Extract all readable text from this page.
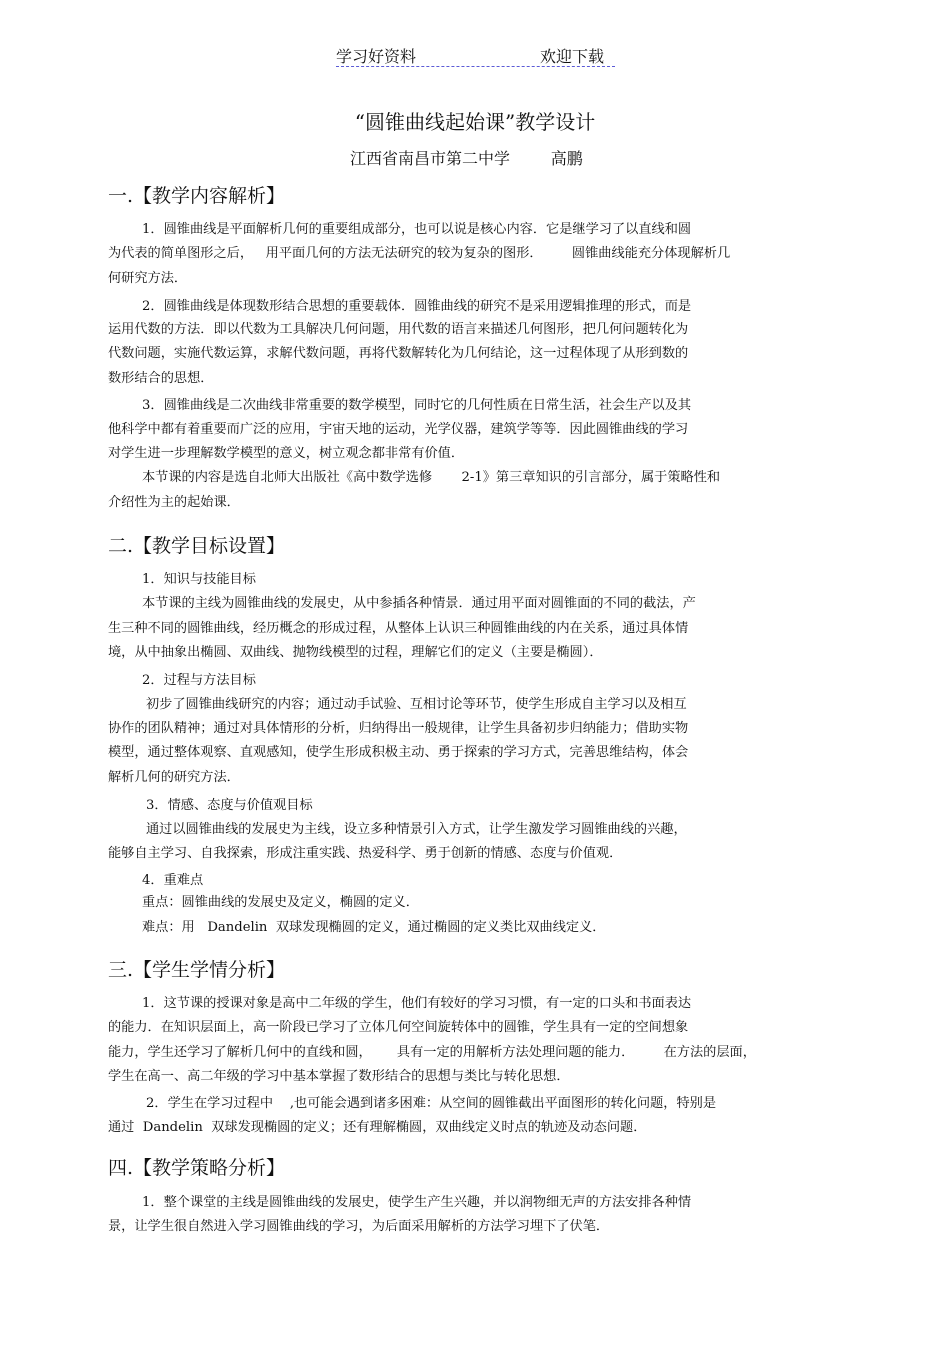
学习好资料	欢迎下载
“圆锥曲线起始课”教学设计
江西省南昌市第二中学        高鹏
一.【教学内容解析】
二.【教学目标设置】
三.【学生学情分析】
四.【教学策略分析】
1．圆锥曲线是平面解析几何的重要组成部分，也可以说是核心内容．它是继学习了以直线和圆
为代表的简单图形之后，   用平面几何的方法无法研究的较为复杂的图形．       圆锥曲线能充分体现解析几
何研究方法．
2．圆锥曲线是体现数形结合思想的重要载体．圆锥曲线的研究不是采用逻辑推理的形式，而是
运用代数的方法．即以代数为工具解决几何问题，用代数的语言来描述几何图形，把几何问题转化为
代数问题，实施代数运算，求解代数问题，再将代数解转化为几何结论，这一过程体现了从形到数的
数形结合的思想．
3．圆锥曲线是二次曲线非常重要的数学模型，同时它的几何性质在日常生活，社会生产以及其
他科学中都有着重要而广泛的应用，宇宙天地的运动，光学仪器，建筑学等等．因此圆锥曲线的学习
对学生进一步理解数学模型的意义，树立观念都非常有价值．
本节课的内容是选自北师大出版社《高中数学选修       2-1》第三章知识的引言部分，属于策略性和
介绍性为主的起始课．
1．知识与技能目标
本节课的主线为圆锥曲线的发展史，从中参插各种情景．通过用平面对圆锥面的不同的截法，产
生三种不同的圆锥曲线，经历概念的形成过程，从整体上认识三种圆锥曲线的内在关系，通过具体情
境，从中抽象出椭圆、双曲线、抛物线模型的过程，理解它们的定义（主要是椭圆）．
2．过程与方法目标
初步了圆锥曲线研究的内容；通过动手试验、互相讨论等环节，使学生形成自主学习以及相互
协作的团队精神；通过对具体情形的分析，归纳得出一般规律，让学生具备初步归纳能力；借助实物
模型，通过整体观察、直观感知，使学生形成积极主动、勇于探索的学习方式，完善思维结构，体会
解析几何的研究方法．
3．情感、态度与价值观目标
通过以圆锥曲线的发展史为主线，设立多种情景引入方式，让学生激发学习圆锥曲线的兴趣，
能够自主学习、自我探索，形成注重实践、热爱科学、勇于创新的情感、态度与价值观．
4．重难点
重点：圆锥曲线的发展史及定义，椭圆的定义．
难点：用   Dandelin  双球发现椭圆的定义，通过椭圆的定义类比双曲线定义．
1．这节课的授课对象是高中二年级的学生，他们有较好的学习习惯，有一定的口头和书面表达
的能力．在知识层面上，高一阶段已学习了立体几何空间旋转体中的圆锥，学生具有一定的空间想象
能力，学生还学习了解析几何中的直线和圆，      具有一定的用解析方法处理问题的能力．       在方法的层面，
学生在高一、高二年级的学习中基本掌握了数形结合的思想与类比与转化思想．
2．学生在学习过程中    ,也可能会遇到诸多困难：从空间的圆锥截出平面图形的转化问题，特别是
通过  Dandelin  双球发现椭圆的定义；还有理解椭圆，双曲线定义时点的轨迹及动态问题．
1．整个课堂的主线是圆锥曲线的发展史，使学生产生兴趣，并以润物细无声的方法安排各种情
景，让学生很自然进入学习圆锥曲线的学习，为后面采用解析的方法学习埋下了伏笔．
